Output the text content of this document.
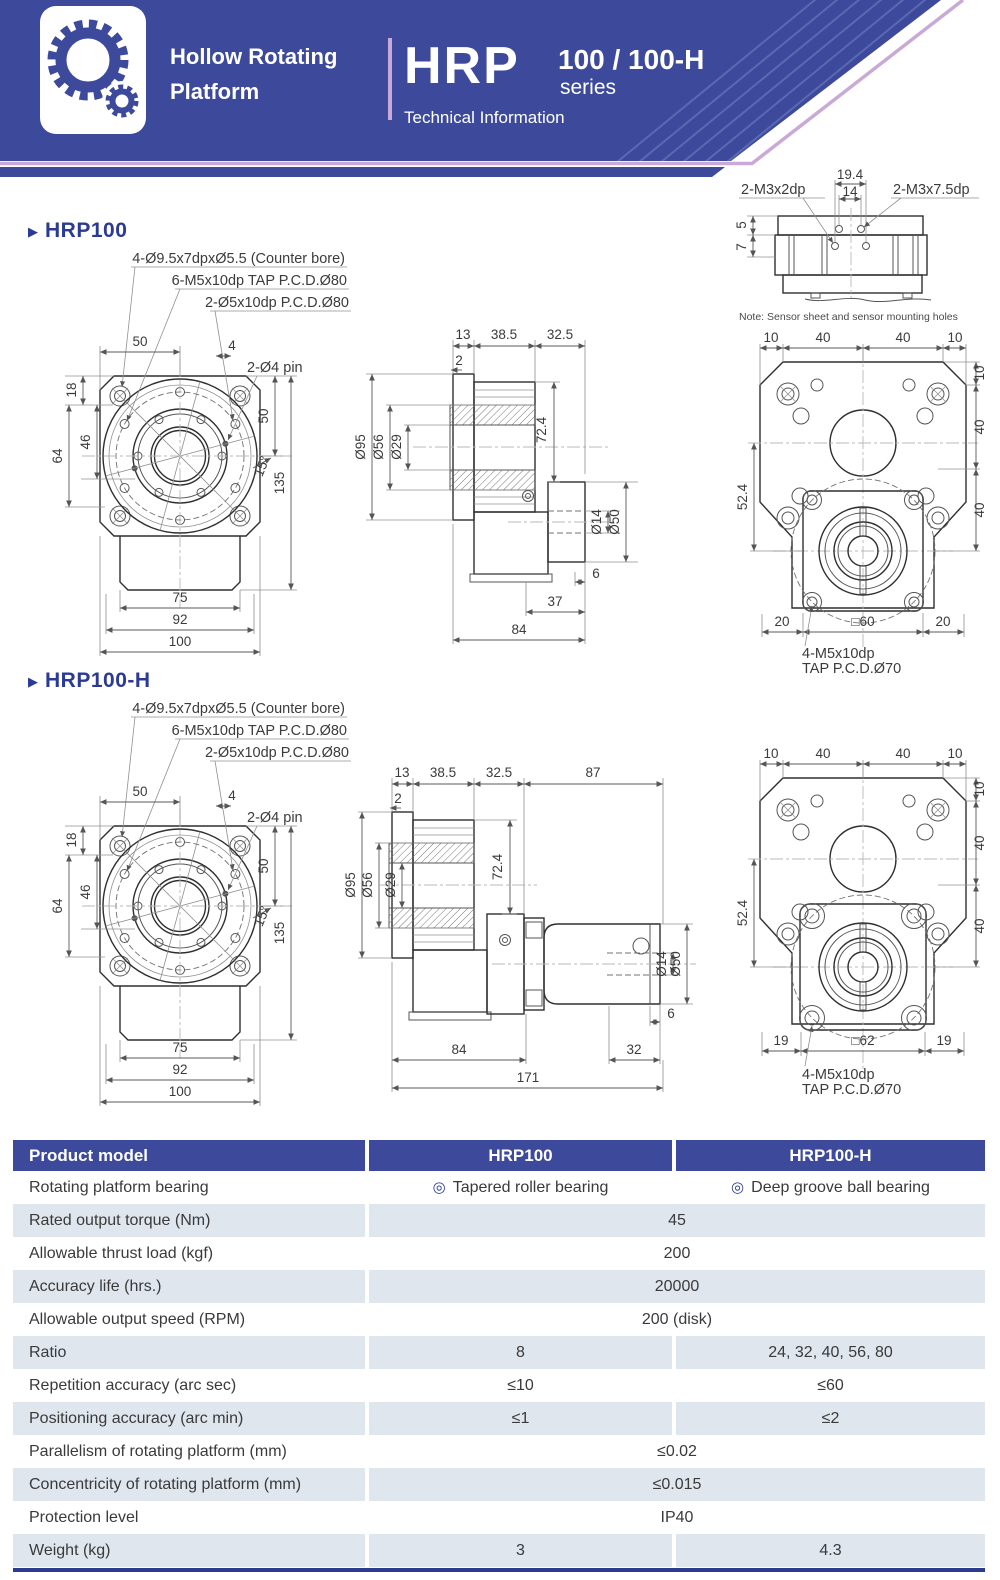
Hollow Rotating
Platform	HRP 100 / 100-H
series
Technical Information
▶ HRP100
▶ HRP100-H
19.4
14
2-M3x2dp	2-M3x7.5dp
5
7
Note: Sensor sheet and sensor mounting holes
4-Ø9.5x7dpxØ5.5 (Counter bore)
6-M5x10dp TAP P.C.D.Ø80
2-Ø5x10dp P.C.D.Ø80
50	4
2-Ø4 pin
18
46
64
50
135
15°
75
92
100
13 38.5 32.5
2
Ø95 Ø56 Ø29
72.4
Ø14 Ø50
6
37
84
10	40	40	10
10
40
40
52.4
20	□60	20
4-M5x10dp
TAP P.C.D.Ø70
4-Ø9.5x7dpxØ5.5 (Counter bore)
6-M5x10dp TAP P.C.D.Ø80
2-Ø5x10dp P.C.D.Ø80
50	4
2-Ø4 pin
18
46
64
50
135
15°
75
92
100
13 38.5 32.5	87
2
Ø95 Ø56 Ø29
72.4
Ø14 Ø50
6
84	32
171
10	40	40	10
10
40
40
52.4
19	□62	19
4-M5x10dp
TAP P.C.D.Ø70
Product model	HRP100	HRP100-H
Rotating platform bearing	◎ Tapered roller bearing	◎ Deep groove ball bearing
Rated output torque (Nm)	45
Allowable thrust load (kgf)	200
Accuracy life (hrs.)	20000
Allowable output speed (RPM)	200 (disk)
Ratio	8	24, 32, 40, 56, 80
Repetition accuracy (arc sec)	≤10	≤60
Positioning accuracy (arc min)	≤1	≤2
Parallelism of rotating platform (mm)	≤0.02
Concentricity of rotating platform (mm)	≤0.015
Protection level	IP40
Weight (kg)	3	4.3
